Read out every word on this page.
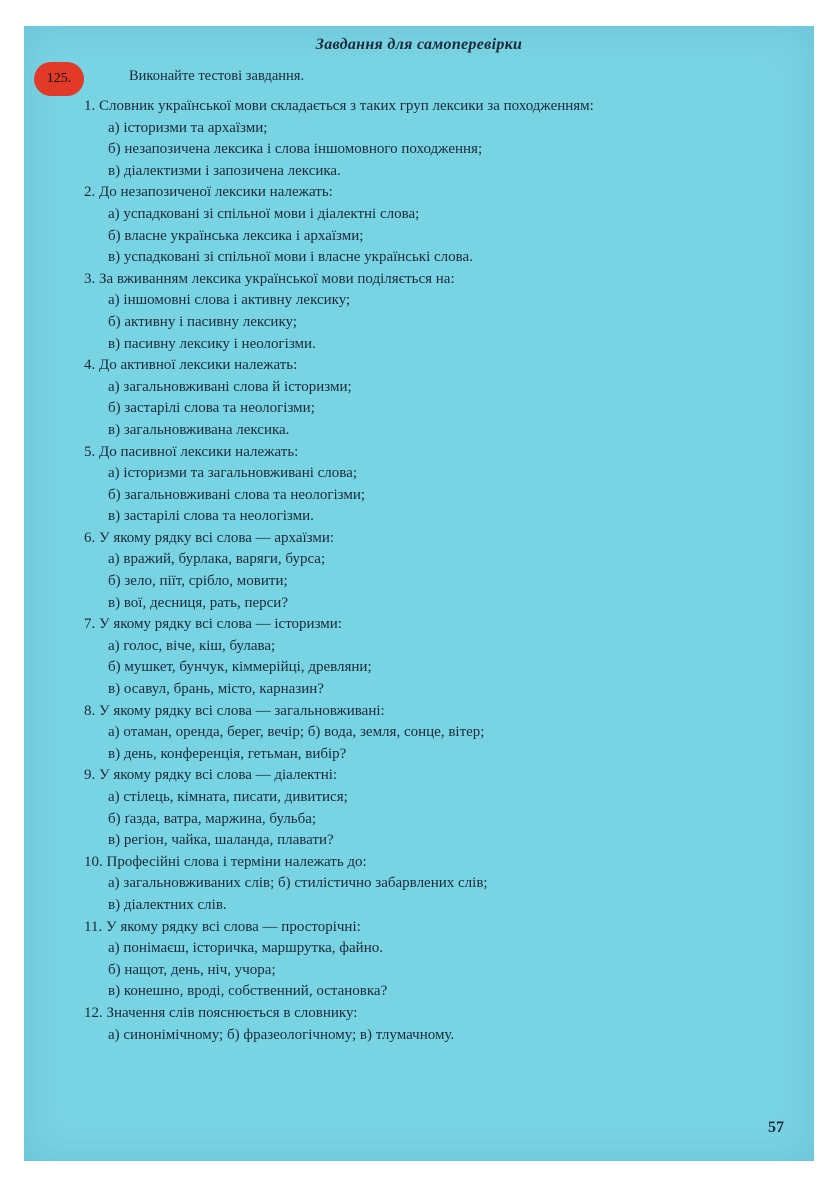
Завдання для самоперевірки
125.	Виконайте тестові завдання.
1. Словник української мови складається з таких груп лексики за походженням:
а) історизми та архаїзми;
б) незапозичена лексика і слова іншомовного походження;
в) діалектизми і запозичена лексика.
2. До незапозиченої лексики належать:
а) успадковані зі спільної мови і діалектні слова;
б) власне українська лексика і архаїзми;
в) успадковані зі спільної мови і власне українські слова.
3. За вживанням лексика української мови поділяється на:
а) іншомовні слова і активну лексику;
б) активну і пасивну лексику;
в) пасивну лексику і неологізми.
4. До активної лексики належать:
а) загальновживані слова й історизми;
б) застарілі слова та неологізми;
в) загальновживана лексика.
5. До пасивної лексики належать:
а) історизми та загальновживані слова;
б) загальновживані слова та неологізми;
в) застарілі слова та неологізми.
6. У якому рядку всі слова — архаїзми:
а) вражий, бурлака, варяги, бурса;
б) зело, піїт, срібло, мовити;
в) вої, десниця, рать, перси?
7. У якому рядку всі слова — історизми:
а) голос, віче, кіш, булава;
б) мушкет, бунчук, кіммерійці, древляни;
в) осавул, брань, місто, карназин?
8. У якому рядку всі слова — загальновживані:
а) отаман, оренда, берег, вечір; б) вода, земля, сонце, вітер;
в) день, конференція, гетьман, вибір?
9. У якому рядку всі слова — діалектні:
а) стілець, кімната, писати, дивитися;
б) ґазда, ватра, маржина, бульба;
в) регіон, чайка, шаланда, плавати?
10. Професійні слова і терміни належать до:
а) загальновживаних слів; б) стилістично забарвлених слів;
в) діалектних слів.
11. У якому рядку всі слова — просторічні:
а) понімаєш, історичка, маршрутка, файно.
б) нащот, день, ніч, учора;
в) конешно, вроді, собственний, остановка?
12. Значення слів пояснюється в словнику:
а) синонімічному; б) фразеологічному; в) тлумачному.
57
